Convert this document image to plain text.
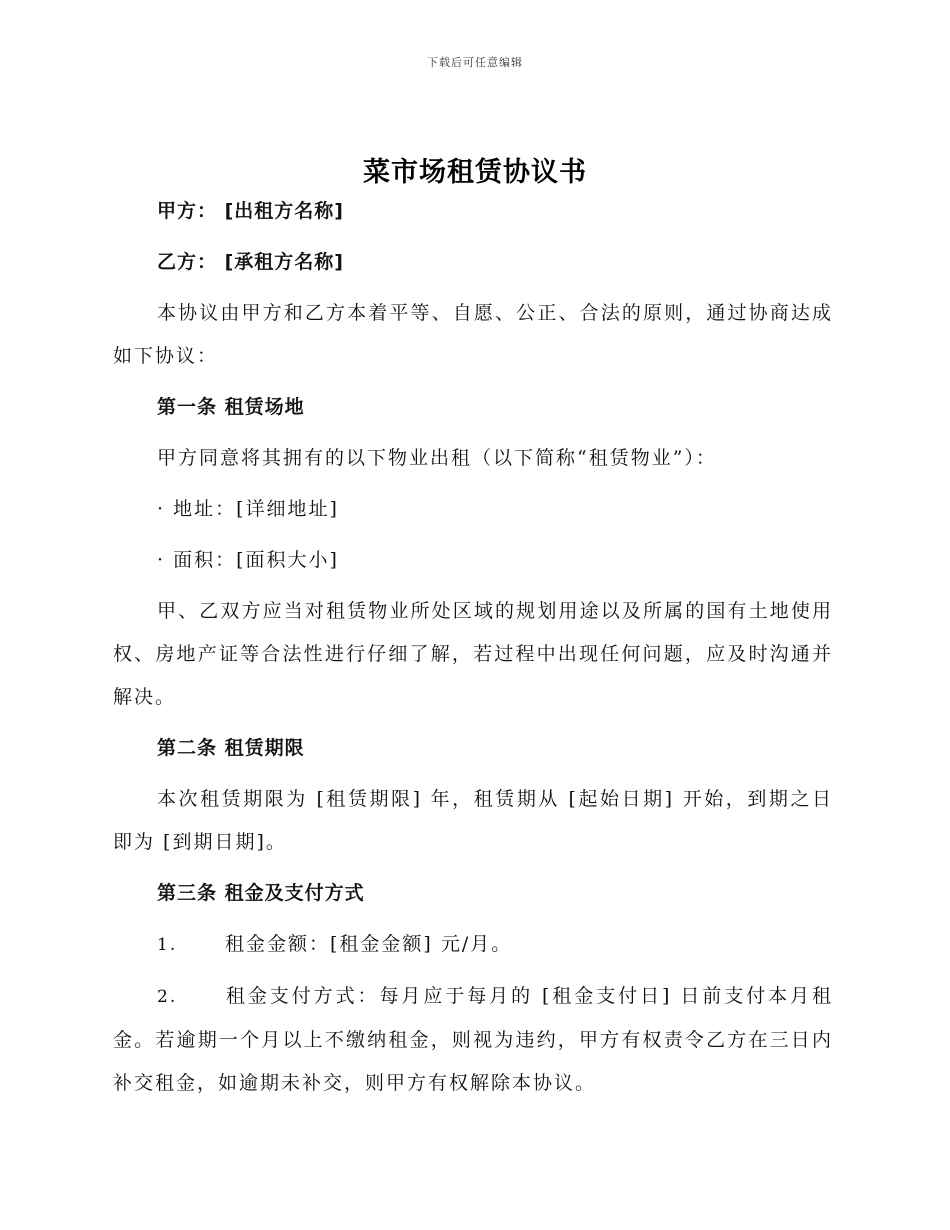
下载后可任意编辑
菜市场租赁协议书
甲方： [出租方名称]
乙方： [承租方名称]
本协议由甲方和乙方本着平等、自愿、公正、合法的原则，通过协商达成如下协议：
第一条 租赁场地
甲方同意将其拥有的以下物业出租（以下简称“租赁物业”）：
· 地址：[详细地址]
· 面积：[面积大小]
甲、乙双方应当对租赁物业所处区域的规划用途以及所属的国有土地使用权、房地产证等合法性进行仔细了解，若过程中出现任何问题，应及时沟通并解决。
第二条 租赁期限
本次租赁期限为 [租赁期限] 年，租赁期从 [起始日期] 开始，到期之日即为 [到期日期]。
第三条 租金及支付方式
1.	租金金额：[租金金额] 元/月。
2.	租金支付方式：每月应于每月的 [租金支付日] 日前支付本月租金。若逾期一个月以上不缴纳租金，则视为违约，甲方有权责令乙方在三日内补交租金，如逾期未补交，则甲方有权解除本协议。
